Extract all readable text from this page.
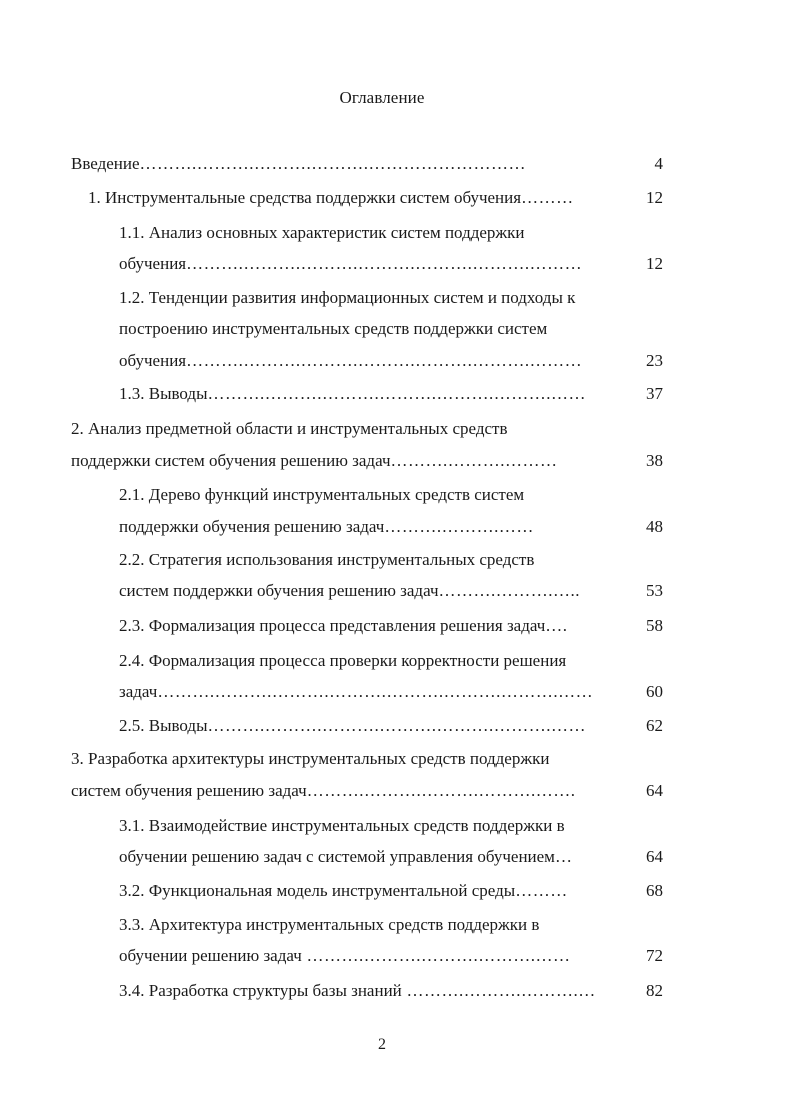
Оглавление
Введение……….……….……….……….………………………	4
1. Инструментальные средства поддержки систем обучения………	12
1.1. Анализ основных характеристик систем поддержки
обучения……….……….……….……….……….……….………	12
1.2. Тенденции развития информационных систем и подходы к
построению инструментальных средств поддержки систем
обучения……….……….……….……….……….……….………	23
1.3. Выводы……….……….……….……….……….……….……	37
2. Анализ предметной области и инструментальных средств
поддержки систем обучения решению задач……….……….………	38
2.1. Дерево функций инструментальных средств систем
поддержки обучения решению задач……….……….……	48
2.2. Стратегия использования инструментальных средств
систем поддержки обучения решению задач……….……….…..	53
2.3. Формализация процесса представления решения задач….	58
2.4. Формализация процесса проверки корректности решения
задач……….……….……….……….……….……….……….……	60
2.5. Выводы……….……….……….……….……….……….……	62
3. Разработка архитектуры инструментальных средств поддержки
систем обучения решению задач……….……….……….……….…….	64
3.1. Взаимодействие инструментальных средств поддержки в
обучении решению задач с системой управления обучением…	64
3.2. Функциональная модель инструментальной среды………	68
3.3. Архитектура инструментальных средств поддержки в
обучении решению задач ……….……….……….……….……	72
3.4. Разработка структуры базы знаний ……….……….……….…	82
2
